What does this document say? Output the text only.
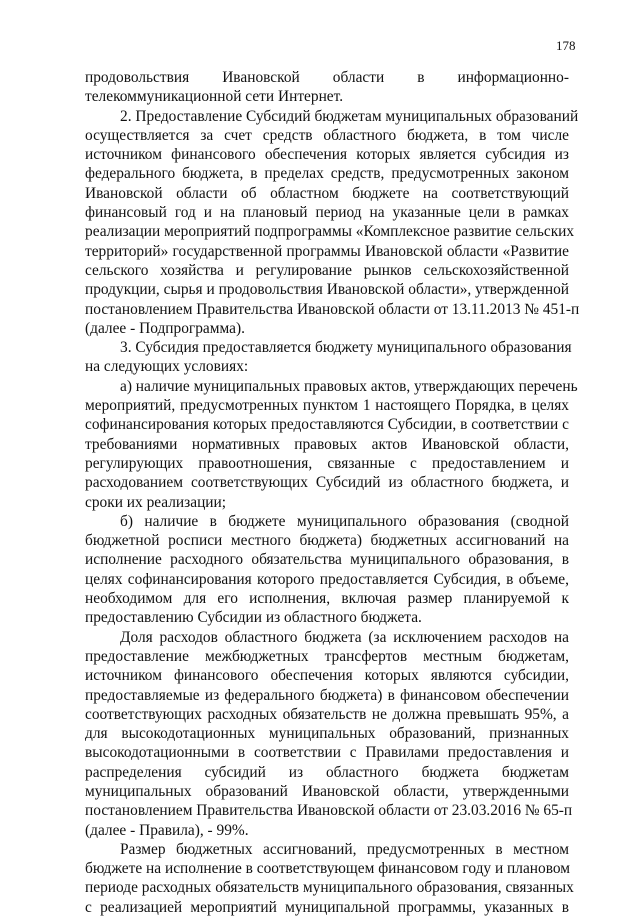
178
продовольствия Ивановской области в информационно-
телекоммуникационной сети Интернет.
2. Предоставление Субсидий бюджетам муниципальных образований
осуществляется за счет средств областного бюджета, в том числе
источником финансового обеспечения которых является субсидия из
федерального бюджета, в пределах средств, предусмотренных законом
Ивановской области об областном бюджете на соответствующий
финансовый год и на плановый период на указанные цели в рамках
реализации мероприятий подпрограммы «Комплексное развитие сельских
территорий» государственной программы Ивановской области «Развитие
сельского хозяйства и регулирование рынков сельскохозяйственной
продукции, сырья и продовольствия Ивановской области», утвержденной
постановлением Правительства Ивановской области от 13.11.2013 № 451-п
(далее - Подпрограмма).
3. Субсидия предоставляется бюджету муниципального образования
на следующих условиях:
а) наличие муниципальных правовых актов, утверждающих перечень
мероприятий, предусмотренных пунктом 1 настоящего Порядка, в целях
софинансирования которых предоставляются Субсидии, в соответствии с
требованиями нормативных правовых актов Ивановской области,
регулирующих правоотношения, связанные с предоставлением и
расходованием соответствующих Субсидий из областного бюджета, и
сроки их реализации;
б) наличие в бюджете муниципального образования (сводной
бюджетной росписи местного бюджета) бюджетных ассигнований на
исполнение расходного обязательства муниципального образования, в
целях софинансирования которого предоставляется Субсидия, в объеме,
необходимом для его исполнения, включая размер планируемой к
предоставлению Субсидии из областного бюджета.
Доля расходов областного бюджета (за исключением расходов на
предоставление межбюджетных трансфертов местным бюджетам,
источником финансового обеспечения которых являются субсидии,
предоставляемые из федерального бюджета) в финансовом обеспечении
соответствующих расходных обязательств не должна превышать 95%, а
для высокодотационных муниципальных образований, признанных
высокодотационными в соответствии с Правилами предоставления и
распределения субсидий из областного бюджета бюджетам
муниципальных образований Ивановской области, утвержденными
постановлением Правительства Ивановской области от 23.03.2016 № 65-п
(далее - Правила), - 99%.
Размер бюджетных ассигнований, предусмотренных в местном
бюджете на исполнение в соответствующем финансовом году и плановом
периоде расходных обязательств муниципального образования, связанных
с реализацией мероприятий муниципальной программы, указанных в
